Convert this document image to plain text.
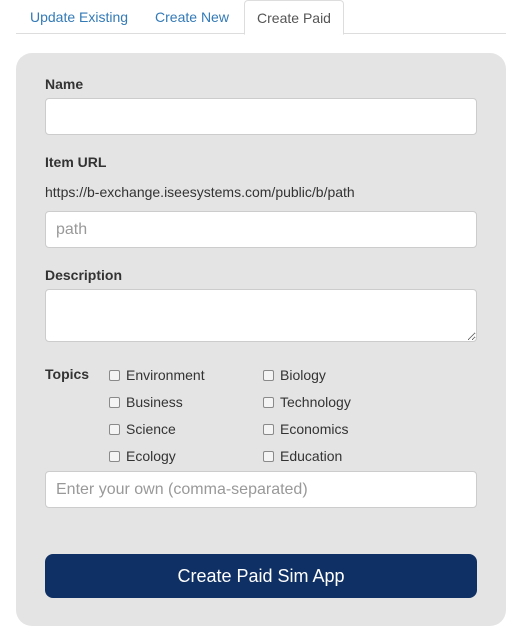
Update Existing	Create New	Create Paid
Name
Item URL
https://b-exchange.iseesystems.com/public/b/path
path
Description
Topics	Environment	Biology
Business	Technology
Science	Economics
Ecology	Education
Enter your own (comma-separated)
Create Paid Sim App
